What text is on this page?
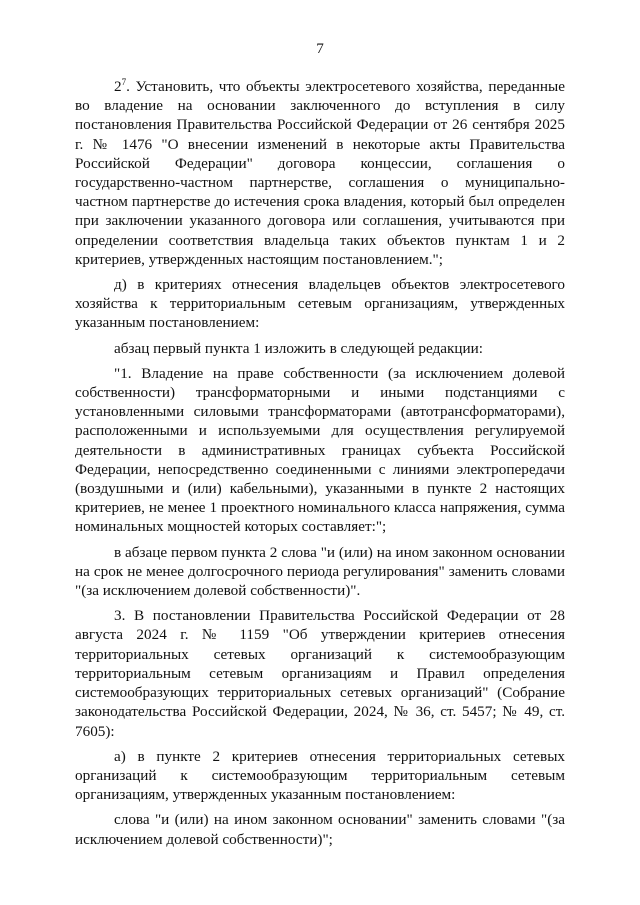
7

$2^7$. Установить, что объекты электросетевого хозяйства, переданные во владение на основании заключенного до вступления в силу постановления Правительства Российской Федерации от 26 сентября 2025 г. № 1476 "О внесении изменений в некоторые акты Правительства Российской Федерации" договора концессии, соглашения о государственно-частном партнерстве, соглашения о муниципально-частном партнерстве до истечения срока владения, который был определен при заключении указанного договора или соглашения, учитываются при определении соответствия владельца таких объектов пунктам 1 и 2 критериев, утвержденных настоящим постановлением.";

д) в критериях отнесения владельцев объектов электросетевого хозяйства к территориальным сетевым организациям, утвержденных указанным постановлением:

абзац первый пункта 1 изложить в следующей редакции:

"1. Владение на праве собственности (за исключением долевой собственности) трансформаторными и иными подстанциями с установленными силовыми трансформаторами (автотрансформаторами), расположенными и используемыми для осуществления регулируемой деятельности в административных границах субъекта Российской Федерации, непосредственно соединенными с линиями электропередачи (воздушными и (или) кабельными), указанными в пункте 2 настоящих критериев, не менее 1 проектного номинального класса напряжения, сумма номинальных мощностей которых составляет:";

в абзаце первом пункта 2 слова "и (или) на ином законном основании на срок не менее долгосрочного периода регулирования" заменить словами "(за исключением долевой собственности)".

3. В постановлении Правительства Российской Федерации от 28 августа 2024 г. № 1159 "Об утверждении критериев отнесения территориальных сетевых организаций к системообразующим территориальным сетевым организациям и Правил определения системообразующих территориальных сетевых организаций" (Собрание законодательства Российской Федерации, 2024, № 36, ст. 5457; № 49, ст. 7605):

а) в пункте 2 критериев отнесения территориальных сетевых организаций к системообразующим территориальным сетевым организациям, утвержденных указанным постановлением:

слова "и (или) на ином законном основании" заменить словами "(за исключением долевой собственности)";
